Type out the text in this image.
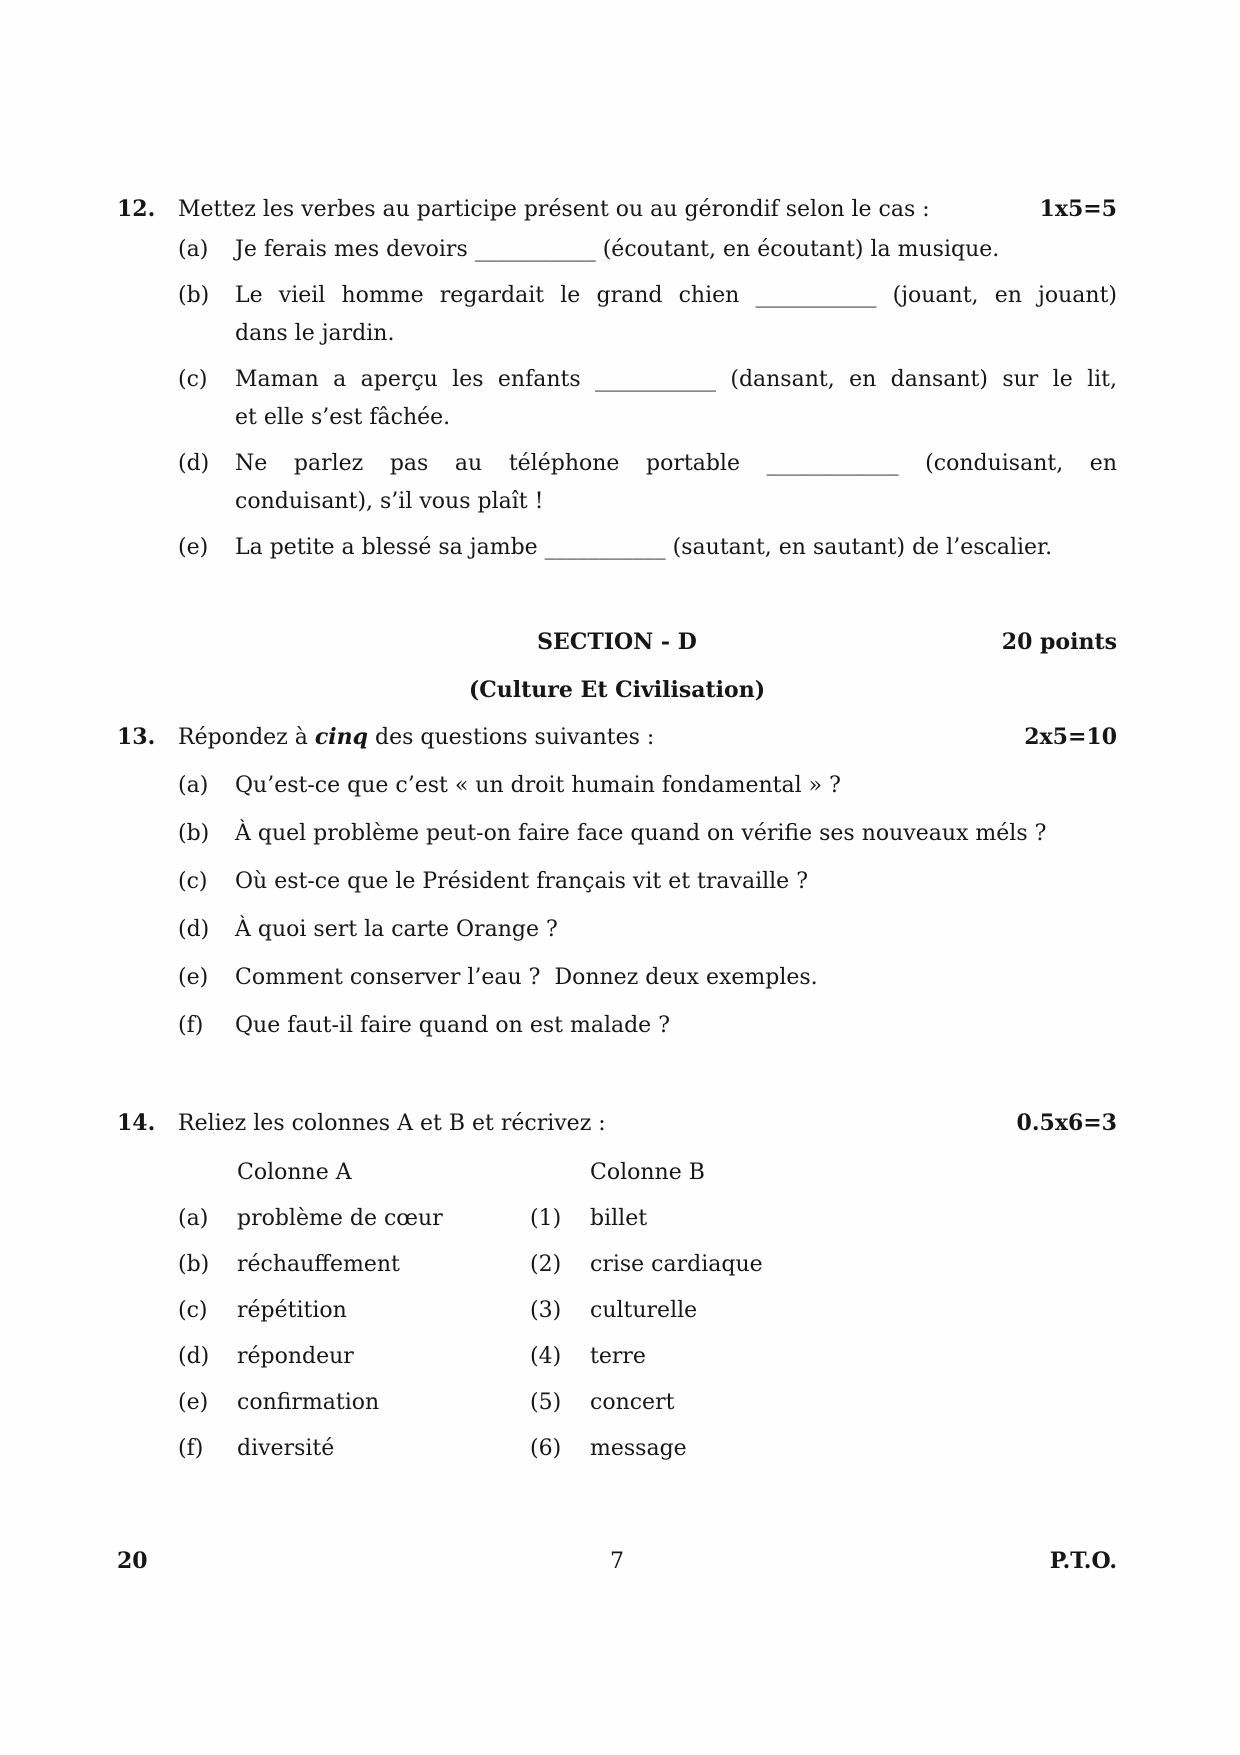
12.	Mettez les verbes au participe présent ou au gérondif selon le cas :	1x5=5
(a)	Je ferais mes devoirs ___________ (écoutant, en écoutant) la musique.
(b)	Le vieil homme regardait le grand chien ___________ (jouant, en jouant)
dans le jardin.
(c)	Maman a aperçu les enfants ___________ (dansant, en dansant) sur le lit,
et elle s’est fâchée.
(d)	Ne parlez pas au téléphone portable ____________ (conduisant, en
conduisant), s’il vous plaît !
(e)	La petite a blessé sa jambe ___________ (sautant, en sautant) de l’escalier.
SECTION - D	20 points
(Culture Et Civilisation)
13.	Répondez à cinq des questions suivantes :	2x5=10
(a)	Qu’est-ce que c’est « un droit humain fondamental » ?
(b)	À quel problème peut-on faire face quand on vérifie ses nouveaux méls ?
(c)	Où est-ce que le Président français vit et travaille ?
(d)	À quoi sert la carte Orange ?
(e)	Comment conserver l’eau ?  Donnez deux exemples.
(f)	Que faut-il faire quand on est malade ?
14.	Reliez les colonnes A et B et récrivez :	0.5x6=3
Colonne A	Colonne B
(a)	problème de cœur	(1)	billet
(b)	réchauffement	(2)	crise cardiaque
(c)	répétition	(3)	culturelle
(d)	répondeur	(4)	terre
(e)	confirmation	(5)	concert
(f)	diversité	(6)	message
20	7	P.T.O.
